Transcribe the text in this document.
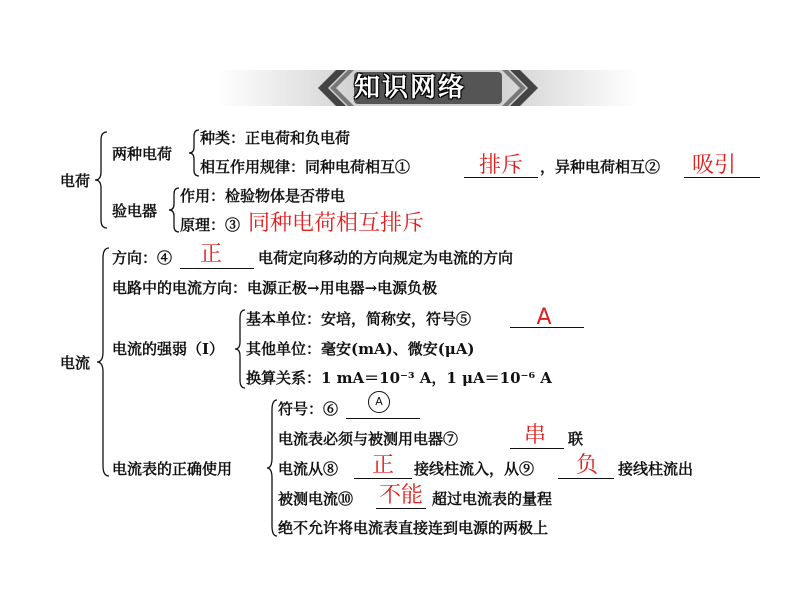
知识网络
电荷
两种电荷
种类：正电荷和负电荷
相互作用规律：同种电荷相互①	排斥	，异种电荷相互②	吸引
验电器
作用：检验物体是否带电
原理：③ 同种电荷相互排斥
电流
方向：④	正	电荷定向移动的方向规定为电流的方向
电路中的电流方向：电源正极→用电器→电源负极
电流的强弱（I）
基本单位：安培，简称安，符号⑤	A
其他单位：毫安(mA)、微安(μA)
换算关系：1 mA＝10⁻³ A，1 μA＝10⁻⁶ A
电流表的正确使用
符号：⑥	A
电流表必须与被测用电器⑦	串	联
电流从⑧	正	接线柱流入，从⑨	负	接线柱流出
被测电流⑩ 不能 超过电流表的量程
绝不允许将电流表直接连到电源的两极上
